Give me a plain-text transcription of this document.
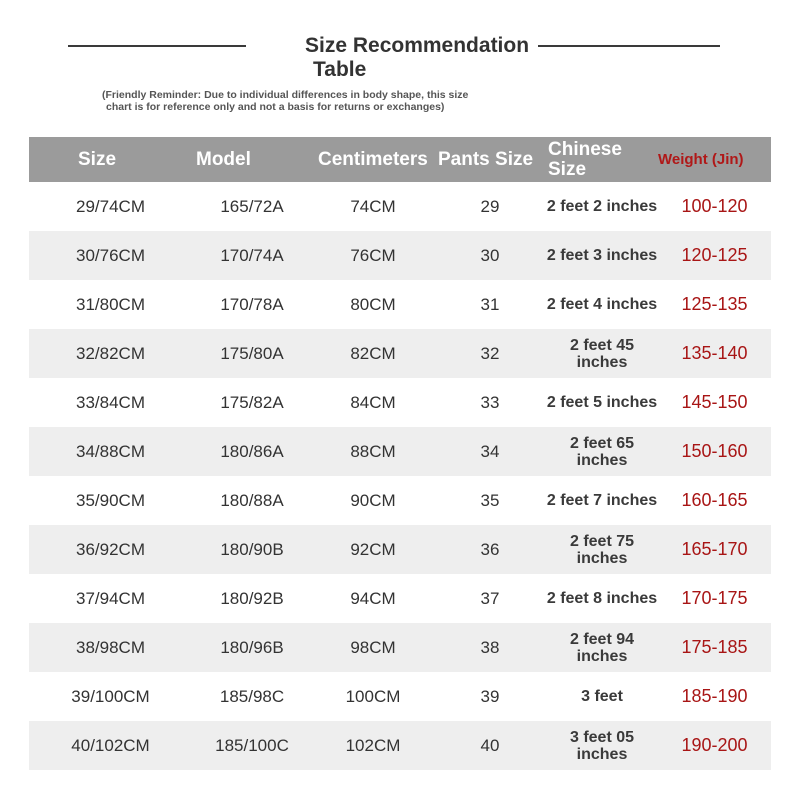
Size Recommendation
Table
(Friendly Reminder: Due to individual differences in body shape, this size

chart is for reference only and not a basis for returns or exchanges)
Size	Model	Centimeters	Pants Size	Chinese Size	Weight (Jin)
29/74CM	165/72A	74CM	29	2 feet 2 inches	100-120
30/76CM	170/74A	76CM	30	2 feet 3 inches	120-125
31/80CM	170/78A	80CM	31	2 feet 4 inches	125-135
32/82CM	175/80A	82CM	32	2 feet 45 inches	135-140
33/84CM	175/82A	84CM	33	2 feet 5 inches	145-150
34/88CM	180/86A	88CM	34	2 feet 65 inches	150-160
35/90CM	180/88A	90CM	35	2 feet 7 inches	160-165
36/92CM	180/90B	92CM	36	2 feet 75 inches	165-170
37/94CM	180/92B	94CM	37	2 feet 8 inches	170-175
38/98CM	180/96B	98CM	38	2 feet 94 inches	175-185
39/100CM	185/98C	100CM	39	3 feet	185-190
40/102CM	185/100C	102CM	40	3 feet 05 inches	190-200
